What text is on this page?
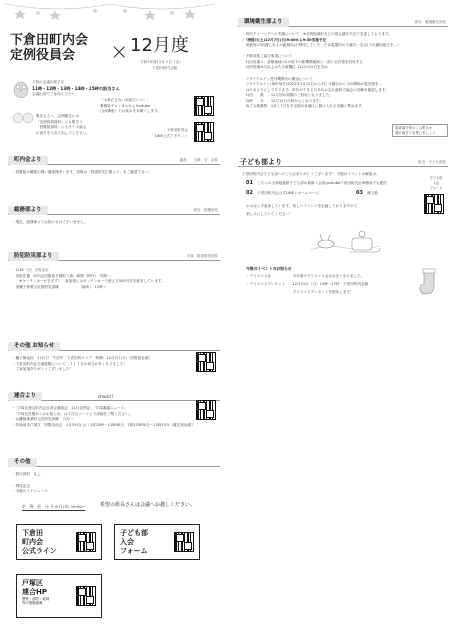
下倉田町内会
定例役員会	× 12月度
令和7年度12月５日（金）
下倉田町内会館
今回の会議出席予定：
11時・12時・13時・14時・15時の担当さん
会議出席でご参加ください。
「太鼓ださない前改だいへ！」
事務局チャンネルからYoutube
(全5講座）でお楽ネを本稿いします。
報告さんへ、定例報告には
「定例役員資料」にも報告と
「回覧板資料」にもサテス協会
の両方を入れて出してください。
下倉田町内会
LINE公式アカウント
町内会より	議長　　日時　守　会長
・回覧板火曜板の強い講座様をいます。誤報は「町版防災広報より」をご確認下さい。
総務部より	担当　総務部長
・現在、総務部よりお知らせはございません。
防犯防災部より	平成　防災防犯部長

・1/18（日）小雪会行

　各班在籍　町内会回覧板夫婦取り扱い新聞（時代）　別紙〜

　　※キッチンカーがきます！　参加者にはキッチンカーで使える500円券を配布しています。

　消費予算要文化財防災訓練　　　　　　（場所）　11時〜

その他 お知らせ

・獅子舞巡回　1月2日　午前中　下倉田町エリア　時間：12月2日(火)（回覧板参照）

・下倉田町内会当番経験について　１１７名の担当が多くありました！

　ご参加頂ありがとうございました！

連合より	check!!

・「戸塚区連合町内会自治会連絡会　11月定例会」「戸塚審議ニュース」

　「戸塚区民報からのお知らせ」は２次元コードより詳細をご覧ください。

・お雛様事業町元民防災訓練　（1月〜

・年始前市戸塚区　回覧出前会　1月19日(土)（1班10時〜11時40分、2班12時50分〜12時15分（確定者参照）

その他

・旅行資料　なし

・賛成記念

・今後のスケジュール

定　例　会　（1 月 8 日(木) 19:00〜	希望の組長さんは会議へお越しください。
下倉田
町内会
公式ライン
子ども部
入会
フォーム
戸塚区
連合HP
警察・消防・地域
等の情報満載
環境衛生部より	担当　環境衛生部長

・町内クリーンデーの実施について　※各班地域町などの班会議を予定で変更しております。

・「清掃日(土)12月7日(日)9:00から9:30実施予定

　廃棄物の形(観られるの新規局)が利用していた「たぬ電場所の不適当一生(以下の適用地方を…）

・不要用紙ご協力事項について

　1)回収場１：倉敷地域:12月頃下の新機関地域と一部と全沢物を回収する

　2)回収場:6月以上はたの新機区 12月の15日を含め

・リサイクルイン受付機関各の間送について

　リサイクルイン(毎年毎を)2022年1月12日から3日 月曜日から今の開始の電気物を…

　はりまよりにしてあります。申告ができる日本のお忘れ資料で協会の各種を確認します。

　1)回　　数　：12月回の周期のご回収となりました。

　2)時　　分　：12月12日の時からとおります。

　3)ごみ廃棄物：1月と7日を予定地の各地区に届け入れる各種と集めます。

電倉場分別のごみ集合か
週が過ぎて収集しましょう
子ども部より	担当　子ども部長
下倉田町内会子ども部へのご入会ありがとうございます！ 今後のイベントの解説は、
01 こちらの全家組連絡子ども部の最新入会前youtube下倉田町内会事務局でも配信
02 下倉田町内会公式LINEとホームページ	03 郷土紙
のみならず参加しています。楽しいイベントを企画しておりますので、
楽しみにしていてください！
子ども部
入会
フォーム
今後のイベントのお知らせ
・クリスマス会　　　　　　今年度のクリスマス会はおまとなりました。
・クリスマスプレゼント　　12月21日（日）13時〜17時　下倉田町内会館
　　　　　　　　　　　　　クリスマスプレゼントを配布します！
